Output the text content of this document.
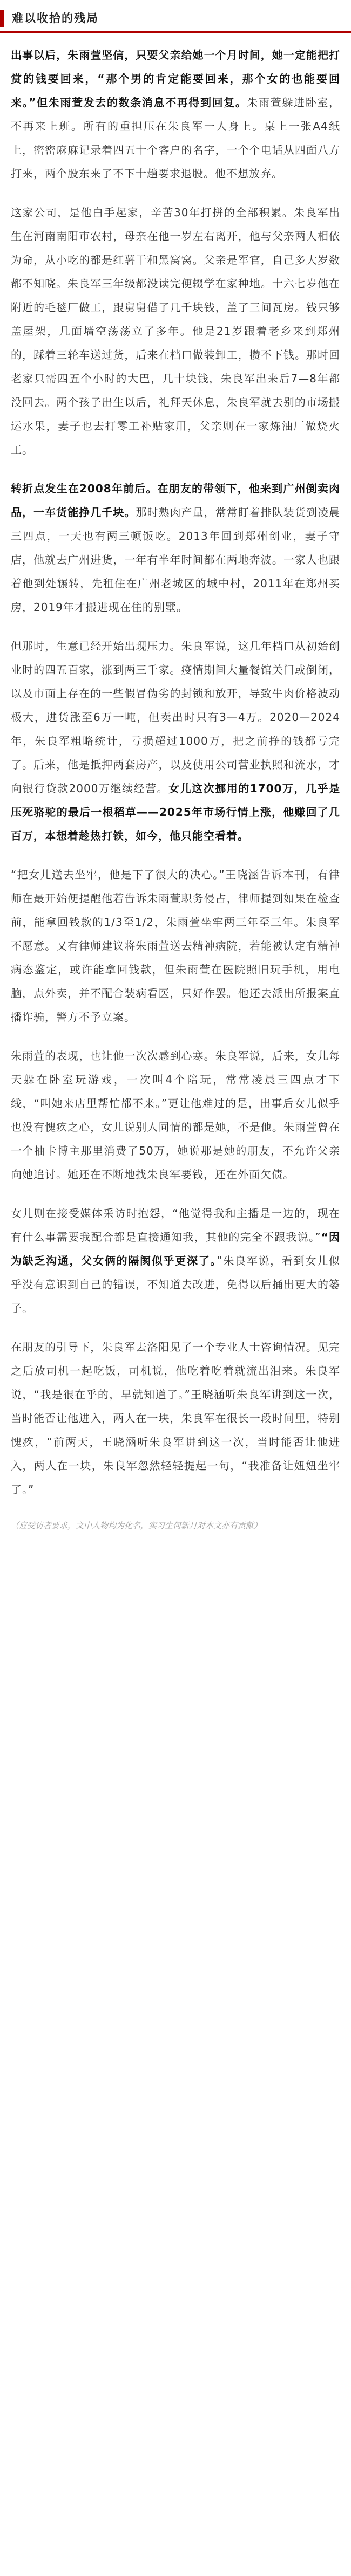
难以收拾的残局

出事以后，朱雨萱坚信，只要父亲给她一个月时间，她一定能把打赏的钱要回来，“那个男的肯定能要回来，那个女的也能要回来。”但朱雨萱发去的数条消息不再得到回复。朱雨萱躲进卧室，不再来上班。所有的重担压在朱良军一人身上。桌上一张A4纸上，密密麻麻记录着四五十个客户的名字，一个个电话从四面八方打来，两个股东来了不下十趟要求退股。他不想放弃。

这家公司，是他白手起家，辛苦30年打拼的全部积累。朱良军出生在河南南阳市农村，母亲在他一岁左右离开，他与父亲两人相依为命，从小吃的都是红薯干和黑窝窝。父亲是军官，自己多大岁数都不知晓。朱良军三年级都没读完便辍学在家种地。十六七岁他在附近的毛毯厂做工，跟舅舅借了几千块钱，盖了三间瓦房。钱只够盖屋架，几面墙空荡荡立了多年。他是21岁跟着老乡来到郑州的，踩着三轮车送过货，后来在档口做装卸工，攒不下钱。那时回老家只需四五个小时的大巴，几十块钱，朱良军出来后7—8年都没回去。两个孩子出生以后，礼拜天休息，朱良军就去别的市场搬运水果，妻子也去打零工补贴家用，父亲则在一家炼油厂做烧火工。

转折点发生在2008年前后。在朋友的带领下，他来到广州倒卖肉品，一车货能挣几千块。那时熟肉产量，常常盯着排队装货到凌晨三四点，一天也有两三顿饭吃。2013年回到郑州创业，妻子守店，他就去广州进货，一年有半年时间都在两地奔波。一家人也跟着他到处辗转，先租住在广州老城区的城中村，2011年在郑州买房，2019年才搬进现在住的别墅。

但那时，生意已经开始出现压力。朱良军说，这几年档口从初始创业时的四五百家，涨到两三千家。疫情期间大量餐馆关门或倒闭，以及市面上存在的一些假冒伪劣的封锁和放开，导致牛肉价格波动极大，进货涨至6万一吨，但卖出时只有3—4万。2020—2024年，朱良军粗略统计，亏损超过1000万，把之前挣的钱都亏完了。后来，他是抵押两套房产，以及使用公司营业执照和流水，才向银行贷款2000万继续经营。女儿这次挪用的1700万，几乎是压死骆驼的最后一根稻草——2025年市场行情上涨，他赚回了几百万，本想着趁热打铁，如今，他只能空看着。

“把女儿送去坐牢，他是下了很大的决心。”王晓涵告诉本刊，有律师在最开始便提醒他若告诉朱雨萱职务侵占，律师提到如果在检查前，能拿回钱款的1/3至1/2，朱雨萱坐牢两三年至三年。朱良军不愿意。又有律师建议将朱雨萱送去精神病院，若能被认定有精神病态鉴定，或许能拿回钱款，但朱雨萱在医院照旧玩手机，用电脑，点外卖，并不配合装病看医，只好作罢。他还去派出所报案直播诈骗，警方不予立案。

朱雨萱的表现，也让他一次次感到心寒。朱良军说，后来，女儿每天躲在卧室玩游戏，一次叫4个陪玩，常常凌晨三四点才下线，“叫她来店里帮忙都不来。”更让他难过的是，出事后女儿似乎也没有愧疚之心，女儿说别人同情的都是她，不是他。朱雨萱曾在一个抽卡博主那里消费了50万，她说那是她的朋友，不允许父亲向她追讨。她还在不断地找朱良军要钱，还在外面欠债。

女儿则在接受媒体采访时抱怨，“他觉得我和主播是一边的，现在有什么事需要我配合都是直接通知我，其他的完全不跟我说。”“因为缺乏沟通，父女俩的隔阂似乎更深了。”朱良军说，看到女儿似乎没有意识到自己的错误，不知道去改进，免得以后捅出更大的篓子。

在朋友的引导下，朱良军去洛阳见了一个专业人士咨询情况。见完之后放司机一起吃饭，司机说，他吃着吃着就流出泪来。朱良军说，“我是很在乎的，早就知道了。”王晓涵听朱良军讲到这一次，当时能否让他进入，两人在一块，朱良军在很长一段时间里，特别愧疚，“前两天，王晓涵听朱良军讲到这一次，当时能否让他进入，两人在一块，朱良军忽然轻轻提起一句，“我准备让妞妞坐牢了。”

（应受访者要求，文中人物均为化名，实习生何新月对本文亦有贡献）
